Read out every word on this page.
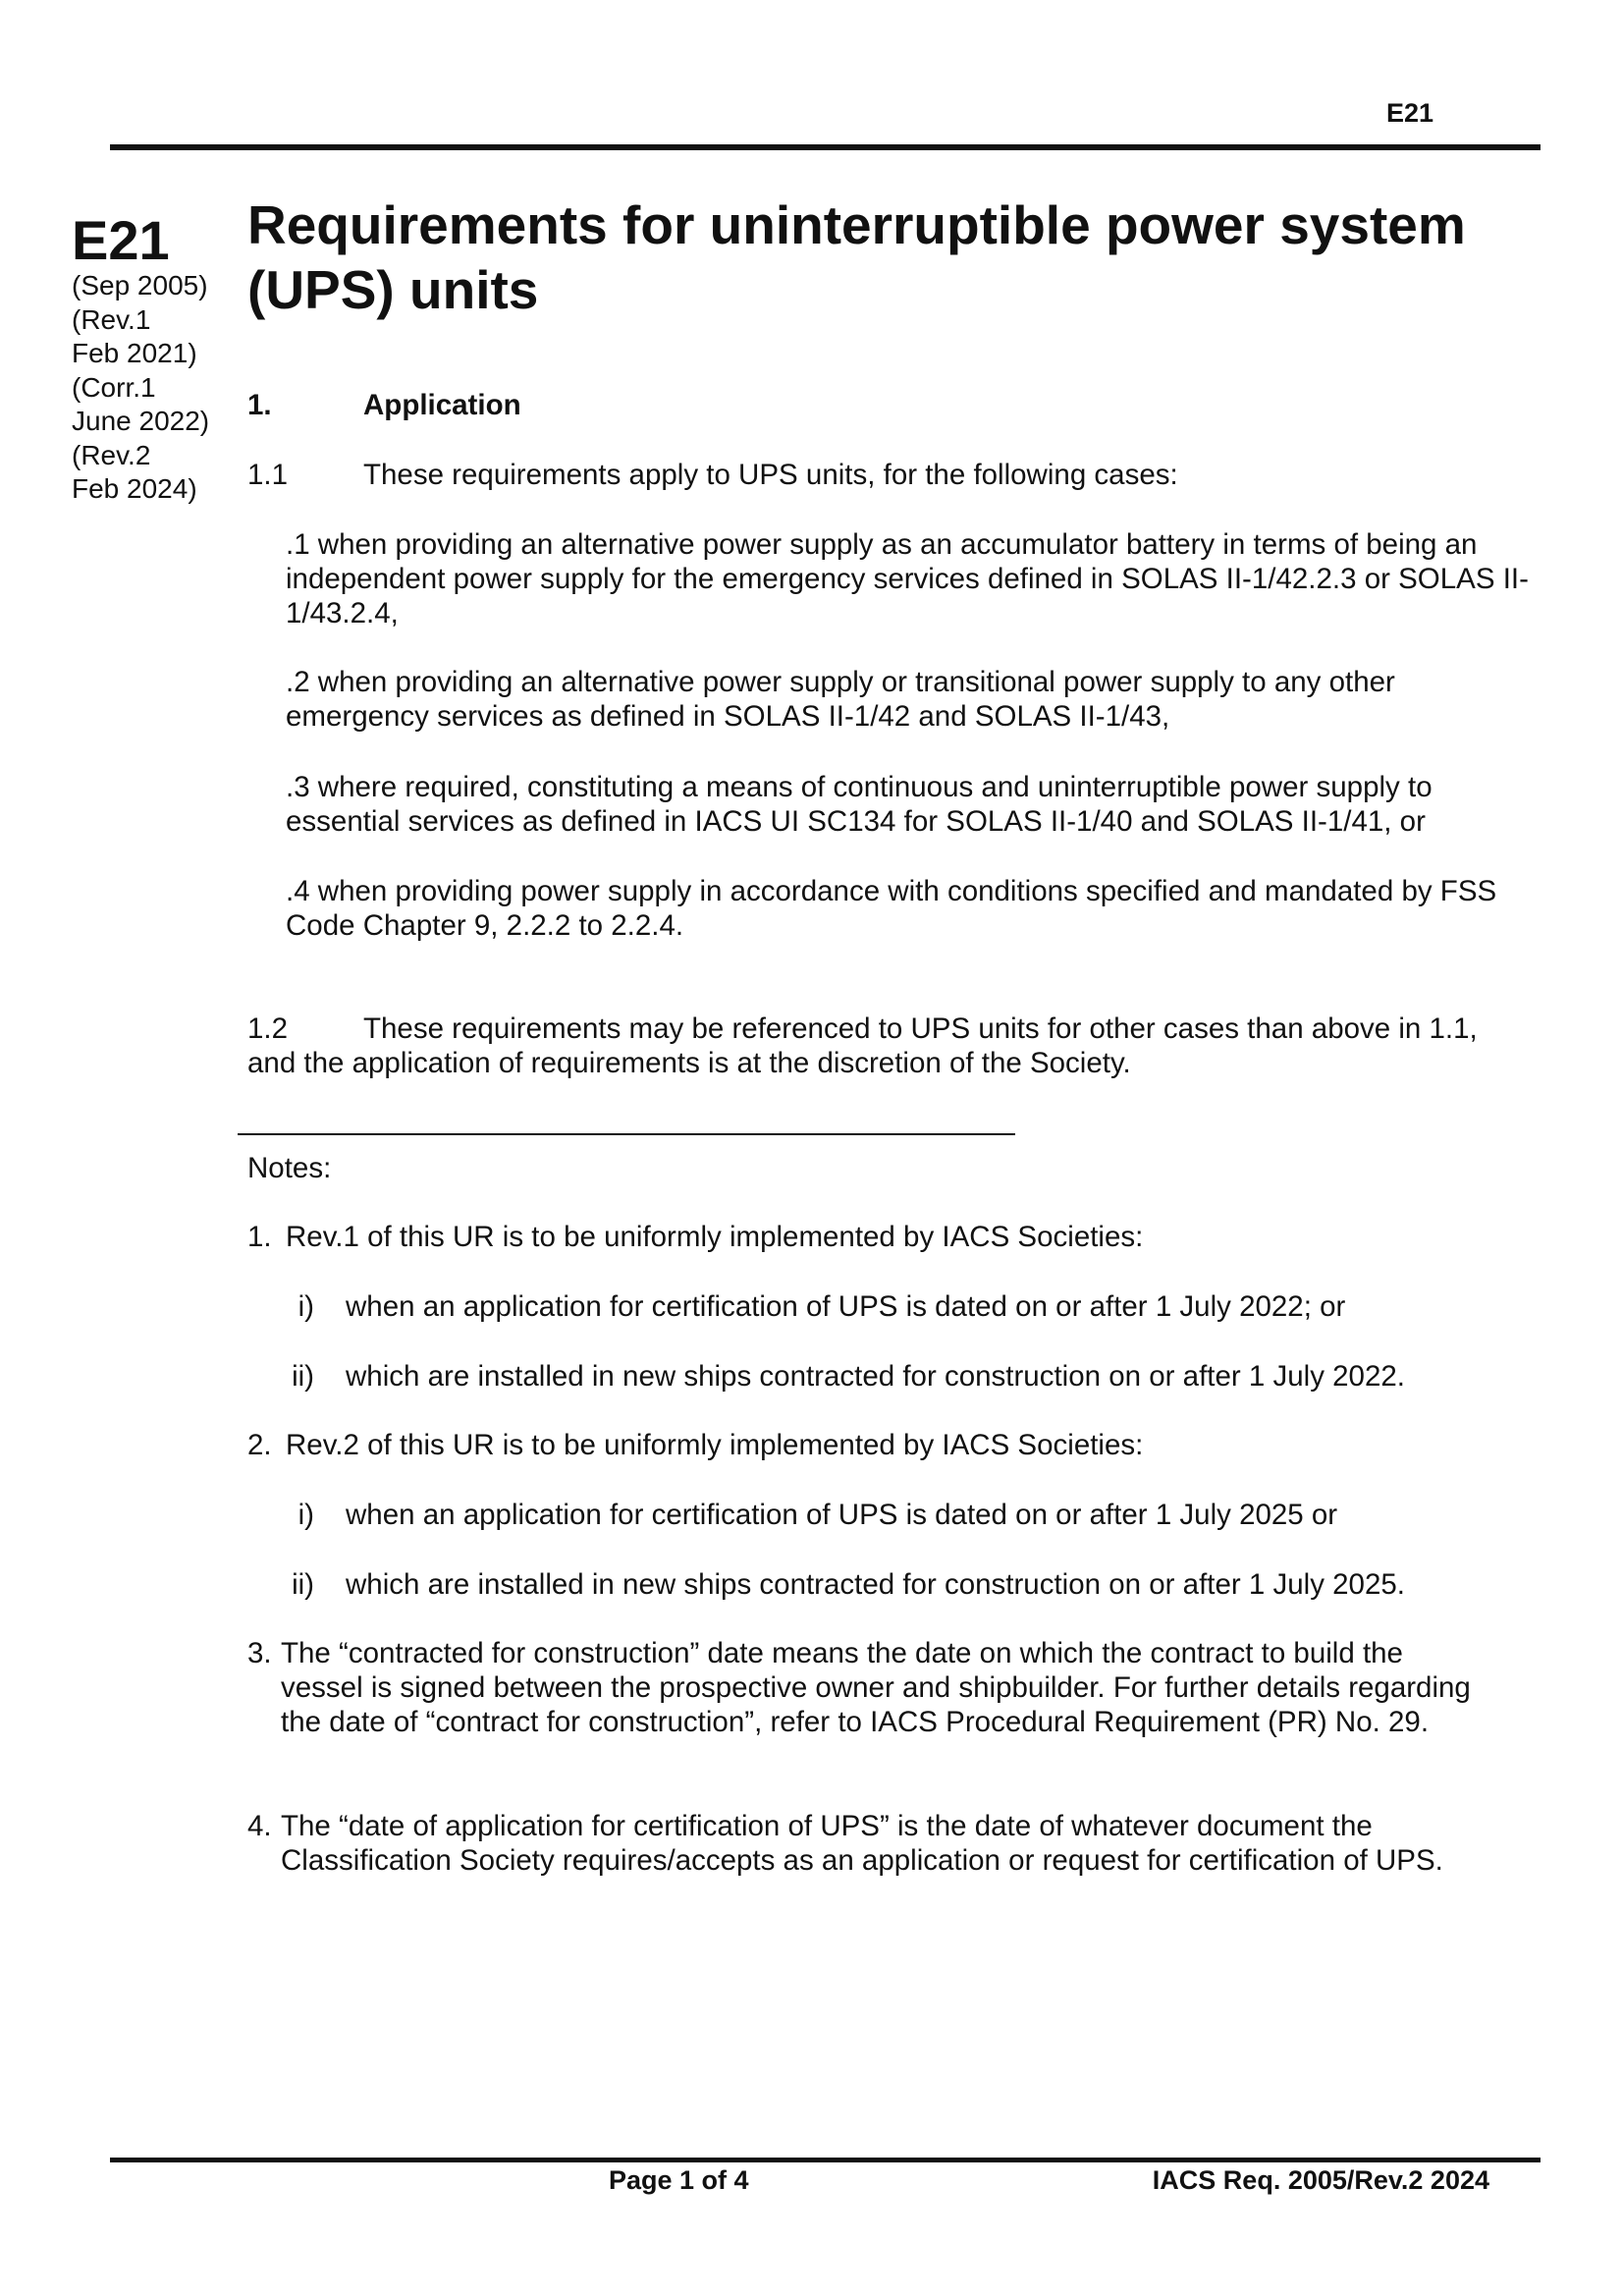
E21
E21
(Sep 2005)
(Rev.1
Feb 2021)
(Corr.1
June 2022)
(Rev.2
Feb 2024)
Requirements for uninterruptible power system (UPS) units
1.	Application
1.1	These requirements apply to UPS units, for the following cases:
.1 when providing an alternative power supply as an accumulator battery in terms of being an independent power supply for the emergency services defined in SOLAS II-1/42.2.3 or SOLAS II-1/43.2.4,
.2 when providing an alternative power supply or transitional power supply to any other emergency services as defined in SOLAS II-1/42 and SOLAS II-1/43,
.3 where required, constituting a means of continuous and uninterruptible power supply to essential services as defined in IACS UI SC134 for SOLAS II-1/40 and SOLAS II-1/41, or
.4 when providing power supply in accordance with conditions specified and mandated by FSS Code Chapter 9, 2.2.2 to 2.2.4.
1.2	These requirements may be referenced to UPS units for other cases than above in 1.1, and the application of requirements is at the discretion of the Society.
Notes:
1. Rev.1 of this UR is to be uniformly implemented by IACS Societies:
i) when an application for certification of UPS is dated on or after 1 July 2022; or
ii) which are installed in new ships contracted for construction on or after 1 July 2022.
2. Rev.2 of this UR is to be uniformly implemented by IACS Societies:
i) when an application for certification of UPS is dated on or after 1 July 2025 or
ii) which are installed in new ships contracted for construction on or after 1 July 2025.
3. The “contracted for construction” date means the date on which the contract to build the vessel is signed between the prospective owner and shipbuilder. For further details regarding the date of “contract for construction”, refer to IACS Procedural Requirement (PR) No. 29.
4. The “date of application for certification of UPS” is the date of whatever document the Classification Society requires/accepts as an application or request for certification of UPS.
Page 1 of 4	IACS Req. 2005/Rev.2 2024
